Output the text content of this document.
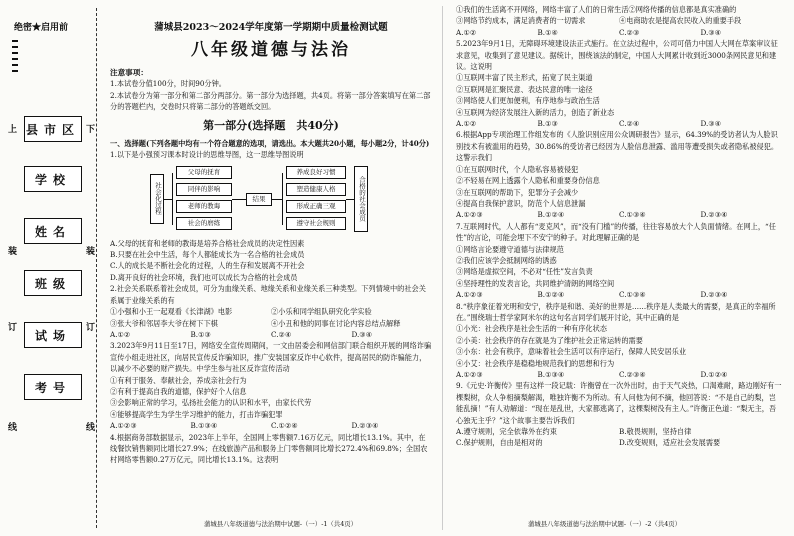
绝密★启用前
县市区
学校
姓名
班级
试场
考号
上	下
装	装
订	订
线	线
蒲城县2023～2024学年度第一学期期中质量检测试题
八年级道德与法治
注意事项：
1.本试卷分值100分，时间90分钟。
2.本试卷分为第一部分和第二部分两部分。第一部分为选择题，共4页。将第一部分答案填写在第二部分的答题栏内，交卷时只将第二部分的答题纸交回。
第一部分(选择题　共40分)
一、选择题(下列各题中均有一个符合题意的选项，请选出。本大题共20小题，每小题2分，计40分)
1.以下是小强预习课本时设计的思维导图，这一思维导图说明
社会化过程
父母的抚育
同伴的影响
老师的教诲
社会的磨练
结果
养成良好习惯
塑造健康人格
形成正确三观
遵守社会规则
合格的社会成员
A.父母的抚育和老师的教诲是培养合格社会成员的决定性因素
B.只要在社会中生活，每个人都能成长为一名合格的社会成员
C.人的成长是不断社会化的过程，人的生存和发展离不开社会
D.离开良好的社会环境，我们也可以成长为合格的社会成员
2.社会关系联系着社会成员，可分为血缘关系、地缘关系和业缘关系三种类型。下列情境中的社会关系属于业缘关系的有
①小强和小王一起观看《长津湖》电影	②小乐和同学组队研究化学实验
③张大爷和邻居李大爷在树下下棋	④小丑和他的同事在讨论内容总结点解释
A.①②	B.①③	C.②④	D.③④
3.2023年9月11日至17日，网络安全宣传周期间，一文由居委会和网信部门联合组织开展的网络诈骗宣传小组走进社区，向居民宣传反诈骗知识，推广安装国家反诈中心软件，提高居民的防诈骗能力，以减少不必要的财产损失。中学生参与社区反诈宣传活动
①有利于服务、奉献社会，养成亲社会行为
②有利于提高自我的道德，保护好个人信息
③会影响正常的学习，弘扬社会能力的认识和水平，由家长代劳
④能够提高学生为学生学习维护的能力，打击诈骗犯罪
A.①②③	B.①③④	C.①②④	D.②③④
4.根据商务部数据显示，2023年上半年，全国网上零售额7.16万亿元，同比增长13.1%。其中，在线餐饮销售额同比增长27.9%；在线旅游产品和服务上门零售额同比增长272.4%和69.8%；全国农村网络零售额0.27万亿元，同比增长13.1%。这表明
蒲城县八年级道德与法治期中试题-（一）-1（共4页）
①我们的生活离不开网络，网络丰富了人们的日常生活 ②网络传播的信息都是真实准确的
③网络节约成本，满足消费者的一切需求	④电商助农是提高农民收入的重要手段
A.①②	B.①④	C.②③	D.③④
5.2023年9月1日，无障碍环境建设法正式施行。在立法过程中，公司可借力中国人大网在草案审议征求意见，收集到了意见建议。据统计，围绕该法的制定，中国人大网累计收到近3000条网民意见和建议。这说明
①互联网丰富了民主形式，拓宽了民主渠道
②互联网是汇聚民意、表达民意的唯一途径
③网络使人们更加便利，有序地参与政治生活
④互联网为经济发展注入新的活力，创造了新业态
A.①②	B.①③	C.②④	D.③④
6.根据App专项治理工作组发布的《人脸识别应用公众调研报告》显示，64.39%的受访者认为人脸识别技术有被滥用的趋势，30.86%的受访者已经因为人脸信息泄露、滥用等遭受损失或者隐私被侵犯。这警示我们
①在互联网时代，个人隐私容易被侵犯
②不轻易在网上透露个人隐私和重要身份信息
③在互联网的帮助下，犯罪分子会减少
④提高自我保护意识，防范个人信息泄漏
A.①②③	B.①②④	C.①③④	D.②③④
7.互联网时代，人人都有“麦克风”，而“没有门槛”的传播，往往容易放大个人负面情绪。在网上，“任性”的言论，可能会埋下不安宁的种子。对此理解正确的是
①网络言论要遵守道德与法律规范
②我们应该学会抵制网络的诱惑
③网络是虚拟空间，不必对“任性”发言负责
④坚持理性的发表言论，共同维护清朗的网络空间
A.①②③	B.①②④	C.①③④	D.②③④
8.“秩序象征着光明和安宁，秩序是和谐、美好的世界是……秩序是人类最大的需要，是真正的幸福所在。”围绕瑞士哲学家阿米尔的这句名言同学们展开讨论，其中正确的是
①小光：社会秩序是社会生活的一种有序化状态
②小美：社会秩序的存在就是为了维护社会正常运转的需要
③小东：社会有秩序，意味着社会生活可以有序运行，保障人民安居乐业
④小艾：社会秩序是稳稳地规范我们的思想和行为
A.①②③	B.①③④	C.②③④	D.①②④
9.《元史·许衡传》里有这样一段记载：许衡曾在一次外出时，由于天气炎热，口渴难耐，路边刚好有一棵梨树，众人争相摘梨解渴，唯独许衡不为所动。有人问他为何不摘，他回答说：“不是自己的梨，岂能乱摘！”有人劝解道：“现在是乱世，大家都逃离了，这棵梨树没有主人。”许衡正色道：“梨无主，吾心独无主乎？”这个故事主要告诉我们
A.遵守规则，完全依靠外在约束	B.敬畏规则，坚持自律
C.保护规则，自由是相对的	D.改变规则，适应社会发展需要
蒲城县八年级道德与法治期中试题-（一）-2（共4页）
